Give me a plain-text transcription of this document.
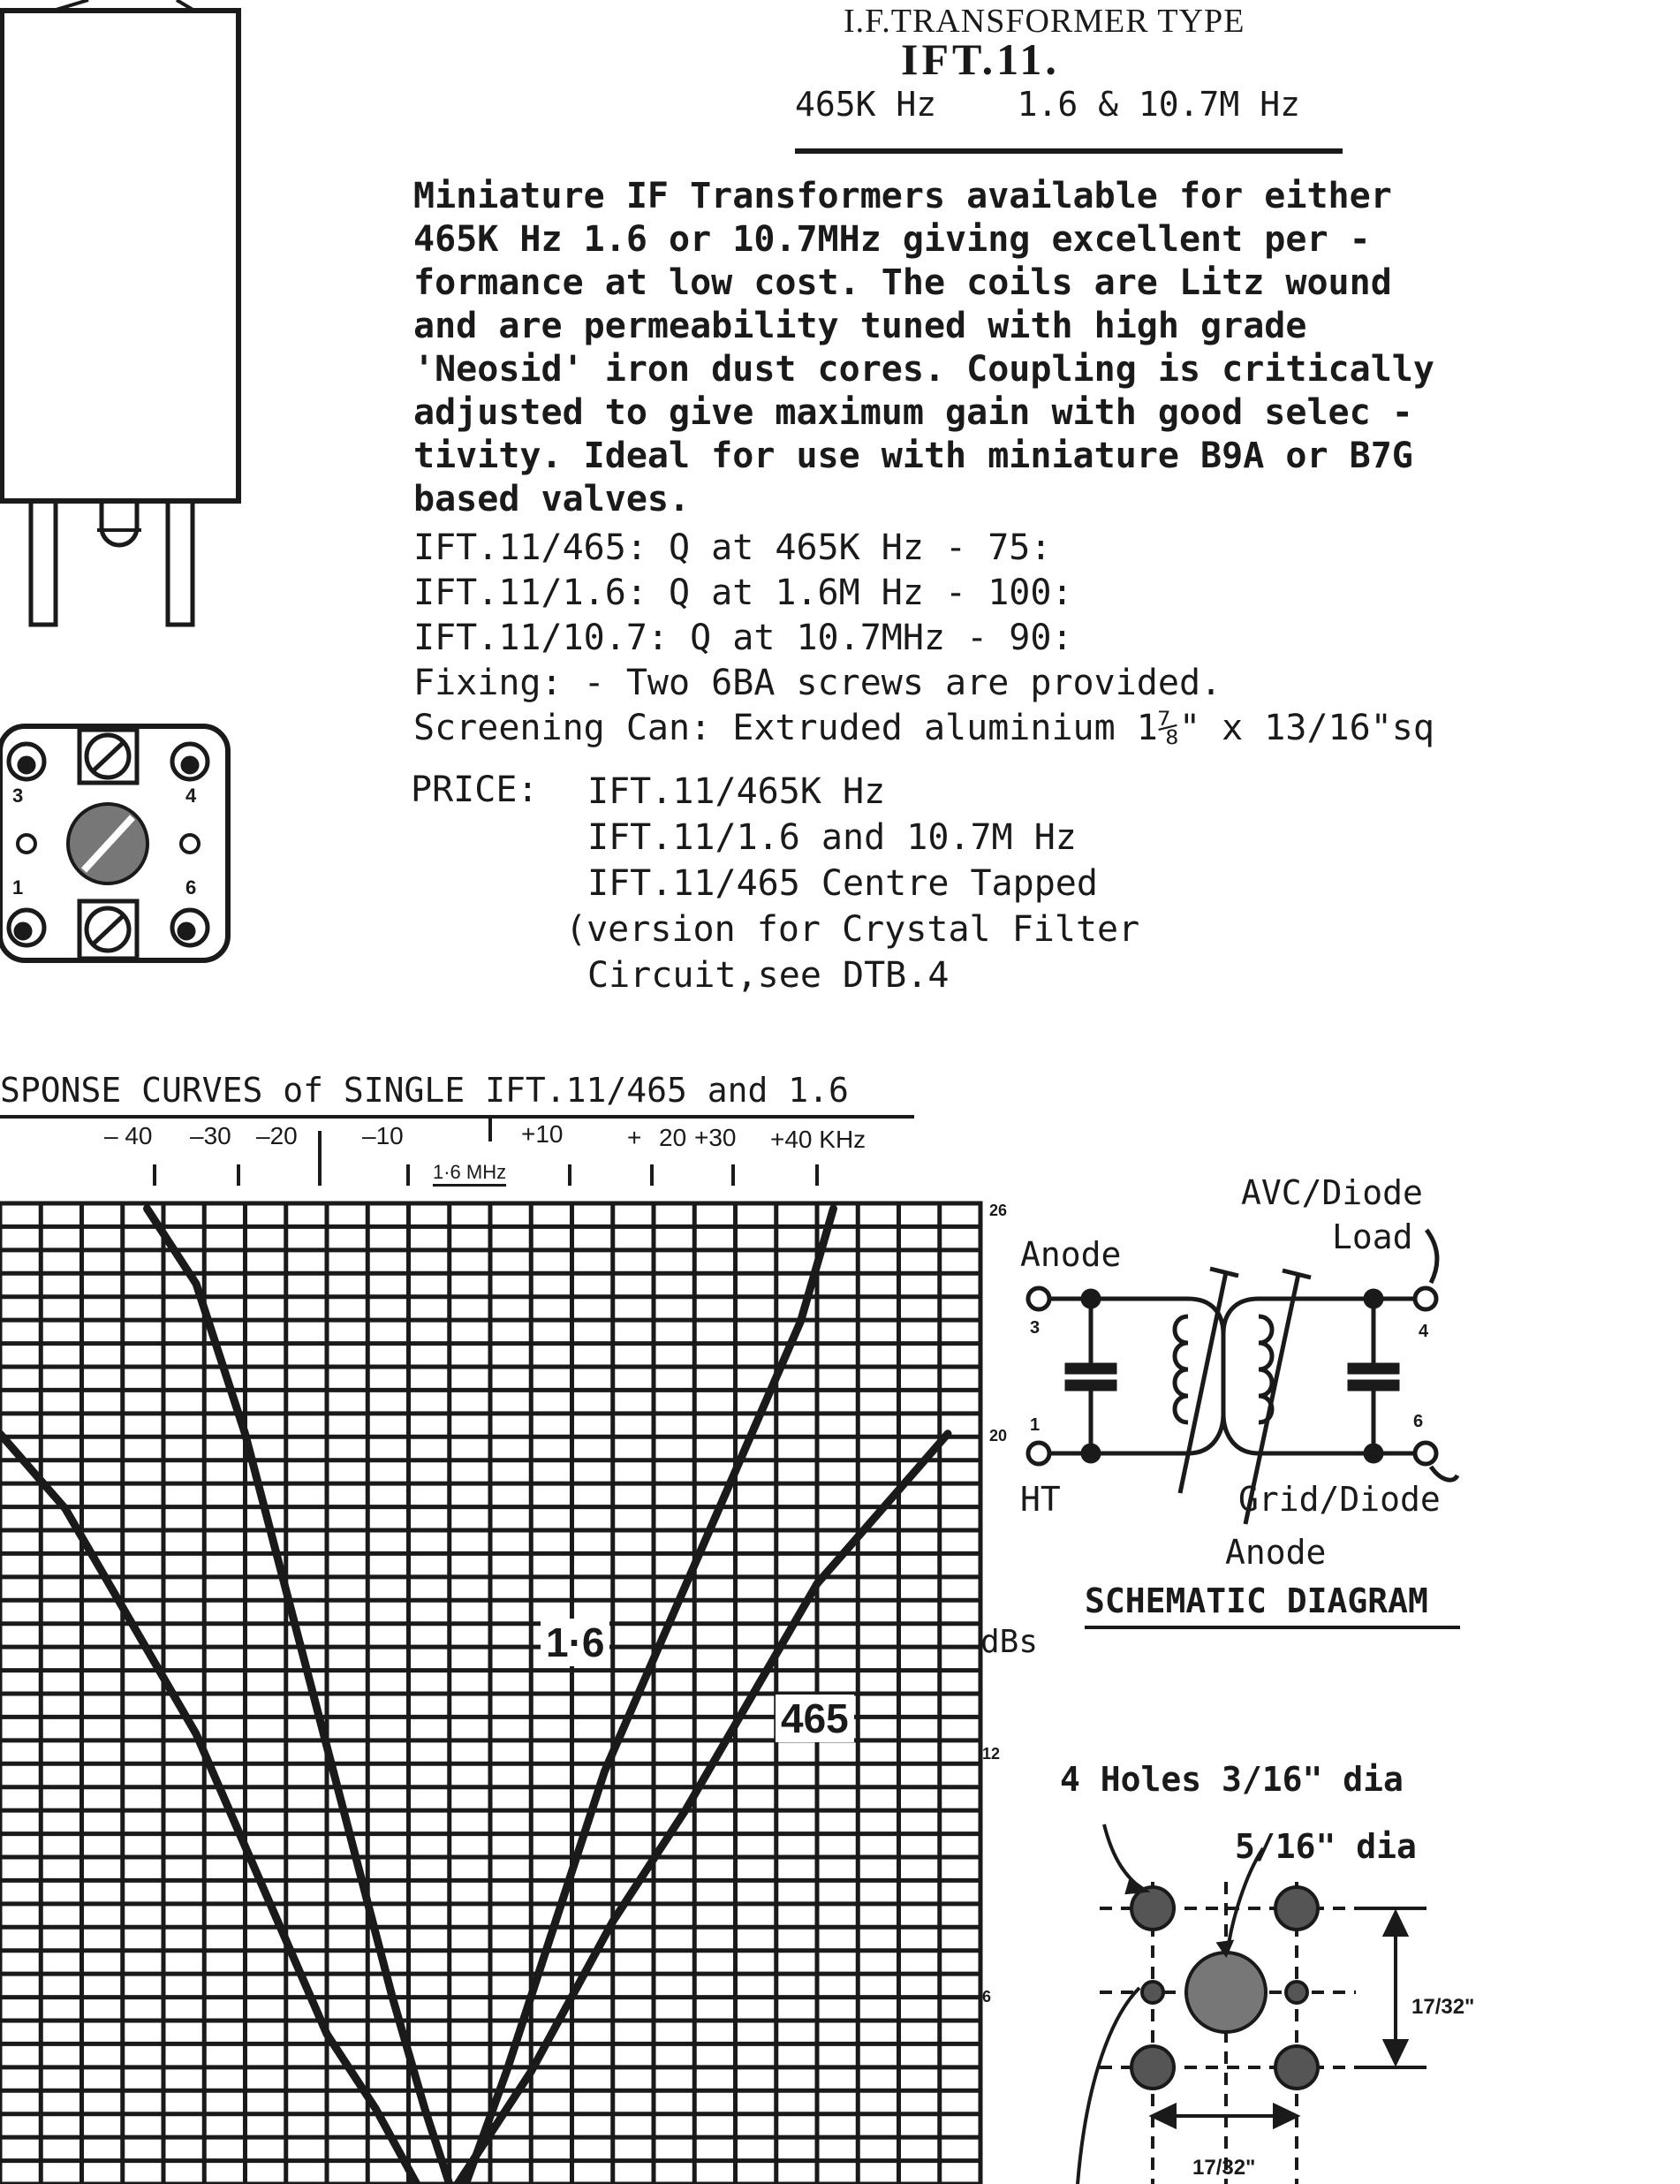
I.F.TRANSFORMER TYPE
IFT.11.
465K Hz    1.6 & 10.7M Hz
Miniature IF Transformers available for either
465K Hz 1.6 or 10.7MHz giving excellent per -
formance at low cost. The coils are Litz wound
and are permeability tuned with high grade
'Neosid' iron dust cores. Coupling is critically
adjusted to give maximum gain with good selec -
tivity. Ideal for use with miniature B9A or B7G
based valves.
IFT.11/465: Q at 465K Hz - 75:
IFT.11/1.6: Q at 1.6M Hz - 100:
IFT.11/10.7: Q at 10.7MHz - 90:
Fixing: - Two 6BA screws are provided.
Screening Can: Extruded aluminium 1⅞" x 13/16"sq
PRICE: IFT.11/465K Hz
IFT.11/1.6 and 10.7M Hz
IFT.11/465 Centre Tapped
(version for Crystal Filter
Circuit,see DTB.4
3	4
1	6
SPONSE CURVES of SINGLE IFT.11/465 and 1.6
– 40 –30 –20	–10	+10	+ 20 +30 +40 KHz
1·6 MHz
26
20
12
6
dBs
1·6
465
AVC/Diode
Load
Anode
HT	Grid/Diode
Anode
3
1
4
6
SCHEMATIC DIAGRAM
4 Holes 3/16" dia
5/16" dia
17/32"
17/32"
